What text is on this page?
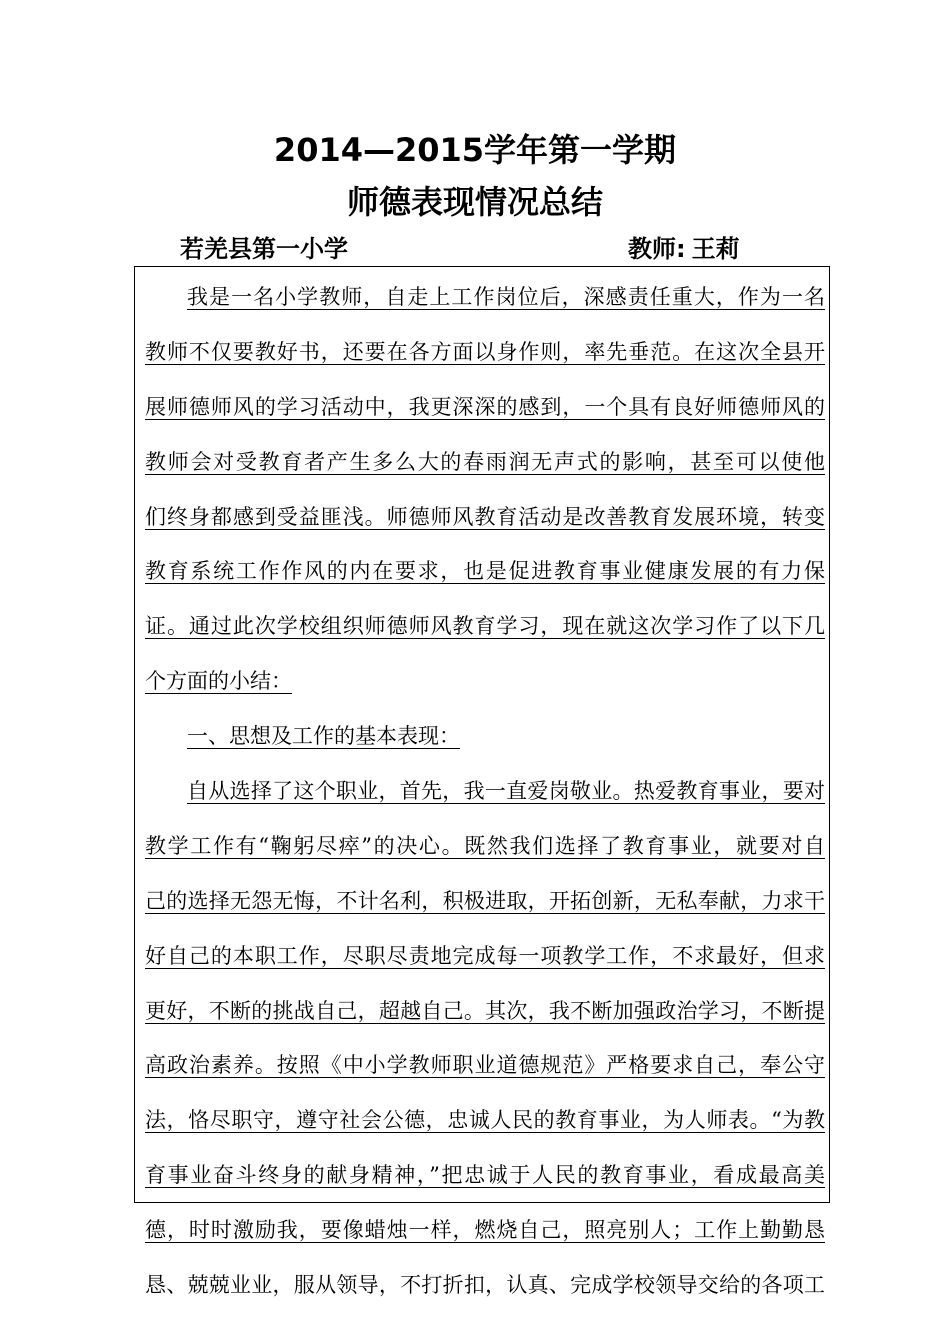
2014—2015学年第一学期
师德表现情况总结
若羌县第一小学	教师: 王莉
我是一名小学教师，自走上工作岗位后，深感责任重大，作为一名
教师不仅要教好书，还要在各方面以身作则，率先垂范。在这次全县开
展师德师风的学习活动中，我更深深的感到，一个具有良好师德师风的
教师会对受教育者产生多么大的春雨润无声式的影响，甚至可以使他
们终身都感到受益匪浅。师德师风教育活动是改善教育发展环境，转变
教育系统工作作风的内在要求，也是促进教育事业健康发展的有力保
证。通过此次学校组织师德师风教育学习，现在就这次学习作了以下几
个方面的小结：
一、思想及工作的基本表现：
自从选择了这个职业，首先，我一直爱岗敬业。热爱教育事业，要对
教学工作有“鞠躬尽瘁”的决心。既然我们选择了教育事业，就要对自
己的选择无怨无悔，不计名利，积极进取，开拓创新，无私奉献，力求干
好自己的本职工作，尽职尽责地完成每一项教学工作，不求最好，但求
更好，不断的挑战自己，超越自己。其次，我不断加强政治学习，不断提
高政治素养。按照《中小学教师职业道德规范》严格要求自己，奉公守
法，恪尽职守，遵守社会公德，忠诚人民的教育事业，为人师表。“为教
育事业奋斗终身的献身精神，”把忠诚于人民的教育事业，看成最高美
德，时时激励我，要像蜡烛一样，燃烧自己，照亮别人；工作上勤勤恳
恳、兢兢业业，服从领导，不打折扣，认真、完成学校领导交给的各项工
